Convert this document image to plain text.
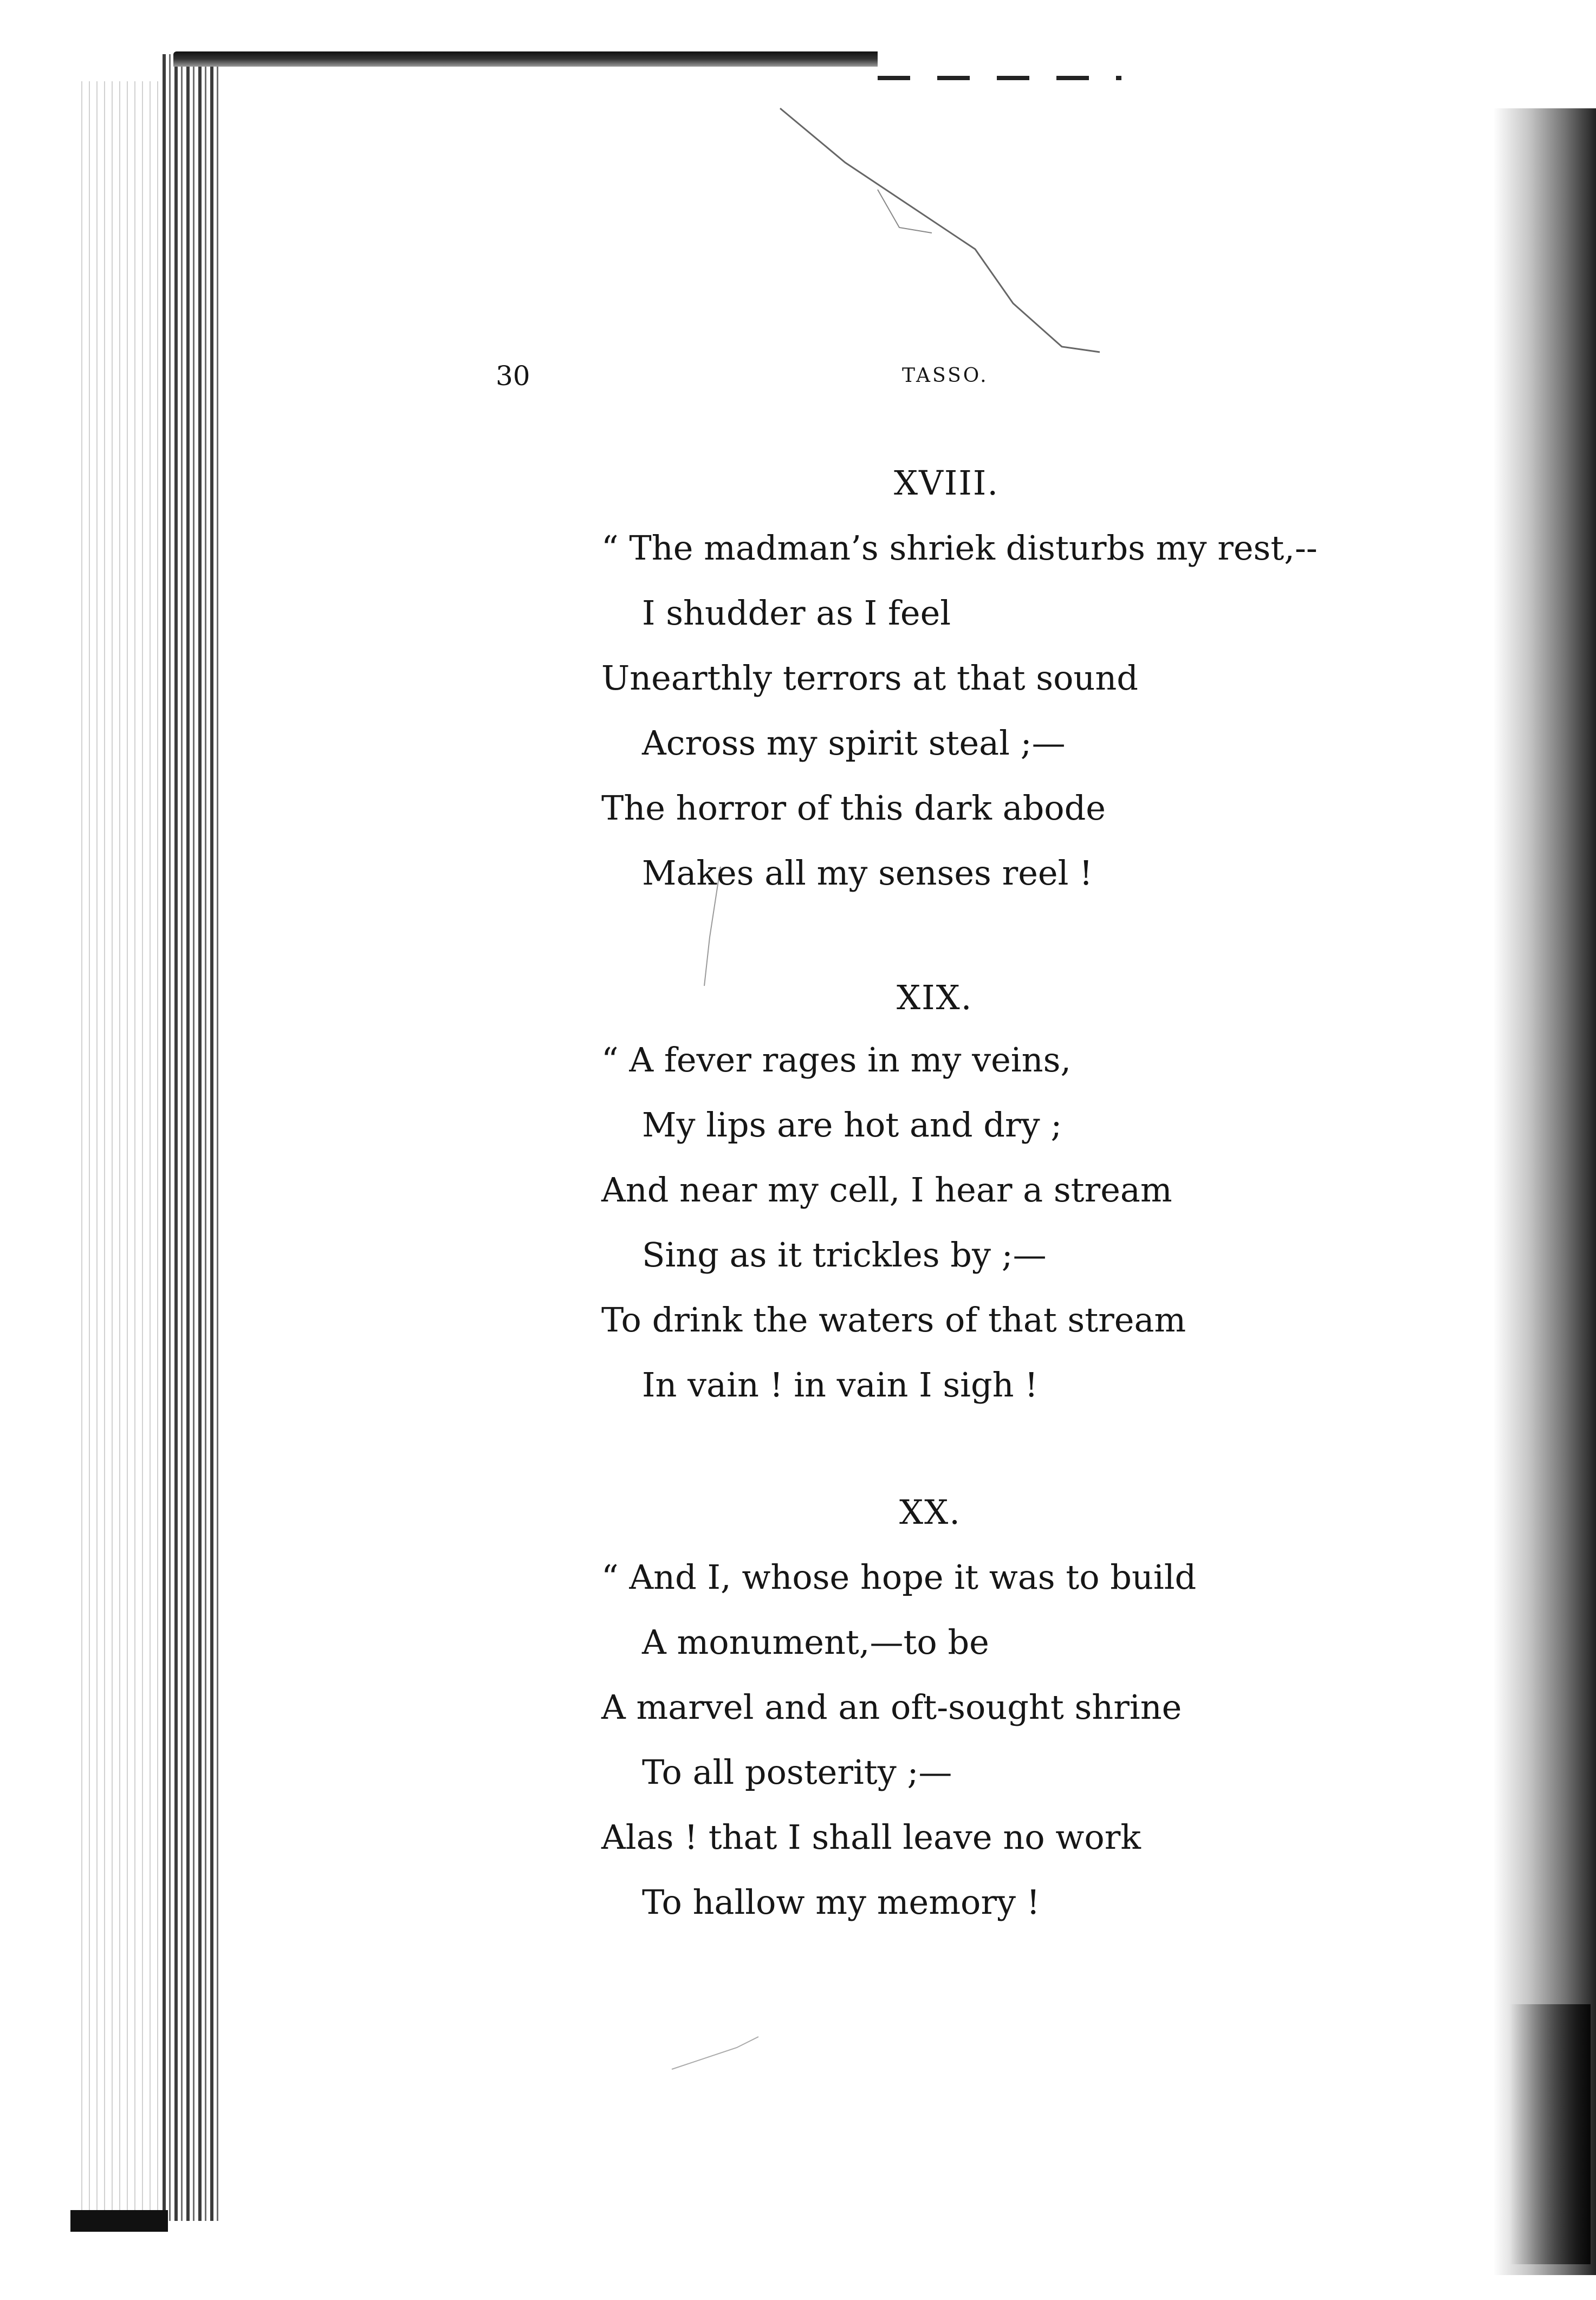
30	TASSO.
XVIII.
“ The madman’s shriek disturbs my rest,--
I shudder as I feel
Unearthly terrors at that sound
Across my spirit steal ;—
The horror of this dark abode
Makes all my senses reel !
XIX.
“ A fever rages in my veins,
My lips are hot and dry ;
And near my cell, I hear a stream
Sing as it trickles by ;—
To drink the waters of that stream
In vain ! in vain I sigh !
XX.
“ And I, whose hope it was to build
A monument,—to be
A marvel and an oft-sought shrine
To all posterity ;—
Alas ! that I shall leave no work
To hallow my memory !
